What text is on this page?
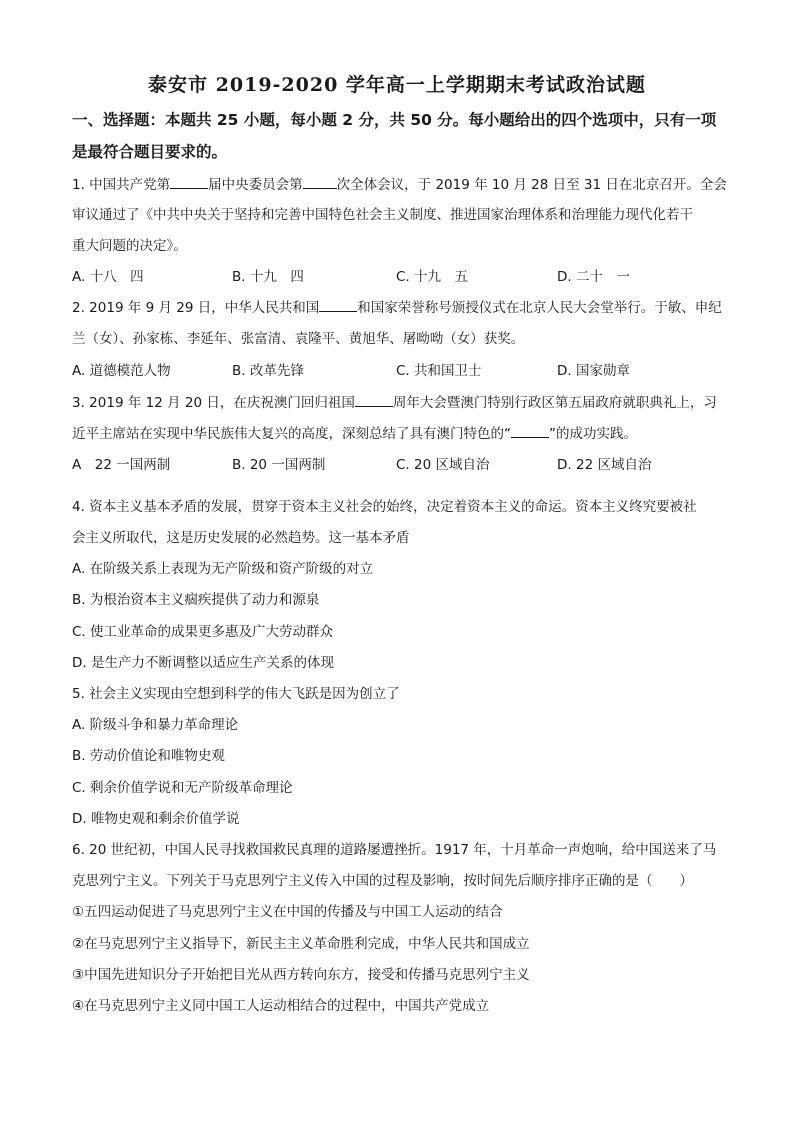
泰安市 2019-2020 学年高一上学期期末考试政治试题
一、选择题：本题共 25 小题，每小题 2 分，共 50 分。每小题给出的四个选项中，只有一项
是最符合题目要求的。
1. 中国共产党第	届中央委员会第	次全体会议，于 2019 年 10 月 28 日至 31 日在北京召开。全会
审议通过了《中共中央关于坚持和完善中国特色社会主义制度、推进国家治理体系和治理能力现代化若干
重大问题的决定》。
A. 十八　四	B. 十九　四	C. 十九　五	D. 二十　一
2. 2019 年 9 月 29 日，中华人民共和国	和国家荣誉称号颁授仪式在北京人民大会堂举行。于敏、申纪
兰（女）、孙家栋、李延年、张富清、袁隆平、黄旭华、屠呦呦（女）获奖。
A. 道德模范人物	B. 改革先锋	C. 共和国卫士	D. 国家勋章
3. 2019 年 12 月 20 日，在庆祝澳门回归祖国	周年大会暨澳门特别行政区第五届政府就职典礼上，习
近平主席站在实现中华民族伟大复兴的高度，深刻总结了具有澳门特色的“	”的成功实践。
A　22 一国两制	B. 20 一国两制	C. 20 区域自治	D. 22 区域自治
4. 资本主义基本矛盾的发展，贯穿于资本主义社会的始终，决定着资本主义的命运。资本主义终究要被社
会主义所取代，这是历史发展的必然趋势。这一基本矛盾
A. 在阶级关系上表现为无产阶级和资产阶级的对立
B. 为根治资本主义痼疾提供了动力和源泉
C. 使工业革命的成果更多惠及广大劳动群众
D. 是生产力不断调整以适应生产关系的体现
5. 社会主义实现由空想到科学的伟大飞跃是因为创立了
A. 阶级斗争和暴力革命理论
B. 劳动价值论和唯物史观
C. 剩余价值学说和无产阶级革命理论
D. 唯物史观和剩余价值学说
6. 20 世纪初，中国人民寻找救国救民真理的道路屡遭挫折。1917 年，十月革命一声炮响，给中国送来了马
克思列宁主义。下列关于马克思列宁主义传入中国的过程及影响，按时间先后顺序排序正确的是（　　）
①五四运动促进了马克思列宁主义在中国的传播及与中国工人运动的结合
②在马克思列宁主义指导下，新民主主义革命胜利完成，中华人民共和国成立
③中国先进知识分子开始把目光从西方转向东方，接受和传播马克思列宁主义
④在马克思列宁主义同中国工人运动相结合的过程中，中国共产党成立
